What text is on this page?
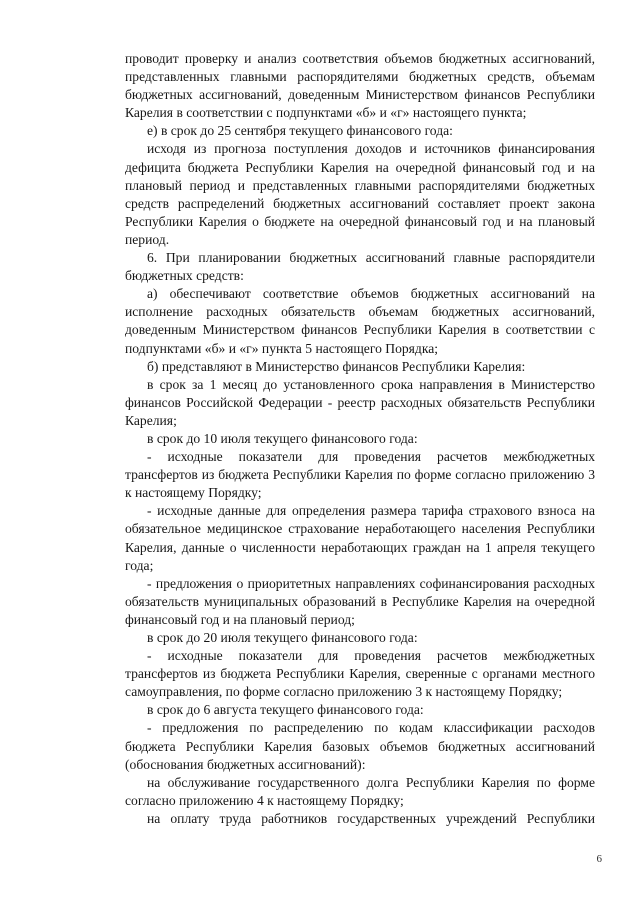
проводит проверку и анализ соответствия объемов бюджетных ассигнований, представленных главными распорядителями бюджетных средств, объемам бюджетных ассигнований, доведенным Министерством финансов Республики Карелия в соответствии с подпунктами «б» и «г» настоящего пункта;

е) в срок до 25 сентября текущего финансового года:

исходя из прогноза поступления доходов и источников финансирования дефицита бюджета Республики Карелия на очередной финансовый год и на плановый период и представленных главными распорядителями бюджетных средств распределений бюджетных ассигнований составляет проект закона Республики Карелия о бюджете на очередной финансовый год и на плановый период.

6. При планировании бюджетных ассигнований главные распорядители бюджетных средств:

а) обеспечивают соответствие объемов бюджетных ассигнований на исполнение расходных обязательств объемам бюджетных ассигнований, доведенным Министерством финансов Республики Карелия в соответствии с подпунктами «б» и «г» пункта 5 настоящего Порядка;

б) представляют в Министерство финансов Республики Карелия:

в срок за 1 месяц до установленного срока направления в Министерство финансов Российской Федерации - реестр расходных обязательств Республики Карелия;

в срок до 10 июля текущего финансового года:

- исходные показатели для проведения расчетов межбюджетных трансфертов из бюджета Республики Карелия по форме согласно приложению 3 к настоящему Порядку;

- исходные данные для определения размера тарифа страхового взноса на обязательное медицинское страхование неработающего населения Республики Карелия, данные о численности неработающих граждан на 1 апреля текущего года;

- предложения о приоритетных направлениях софинансирования расходных обязательств муниципальных образований в Республике Карелия на очередной финансовый год и на плановый период;

в срок до 20 июля текущего финансового года:

- исходные показатели для проведения расчетов межбюджетных трансфертов из бюджета Республики Карелия, сверенные с органами местного самоуправления, по форме согласно приложению 3 к настоящему Порядку;

в срок до 6 августа текущего финансового года:

- предложения по распределению по кодам классификации расходов бюджета Республики Карелия базовых объемов бюджетных ассигнований (обоснования бюджетных ассигнований):

на обслуживание государственного долга Республики Карелия по форме согласно приложению 4 к настоящему Порядку;

на оплату труда работников государственных учреждений Республики

6
